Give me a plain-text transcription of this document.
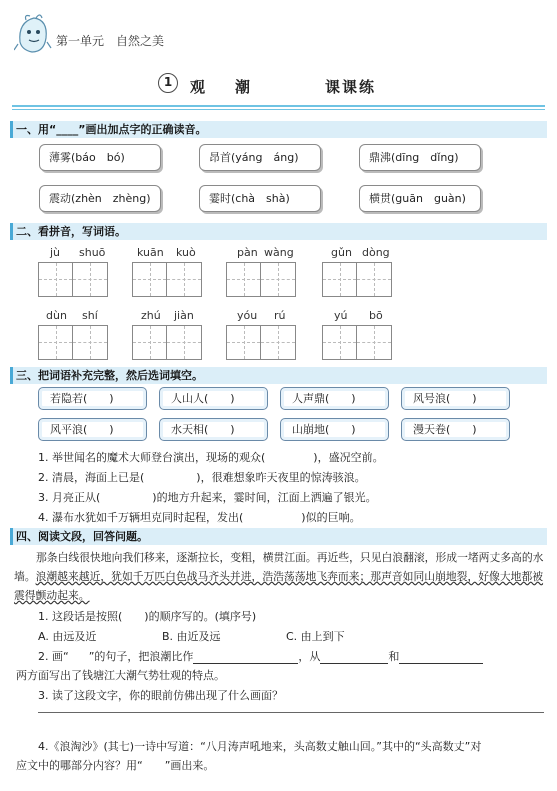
第一单元　自然之美
1	观　　潮	课课练
一、用“____”画出加点字的正确读音。
薄雾(báo　bó)	昂首(yáng　áng)	鼎沸(dīng　dǐng)
震动(zhèn　zhèng)	霎时(chà　shà)	横贯(guān　guàn)
二、看拼音，写词语。
jù shuō	kuān kuò	pàn wàng	gǔn dòng
dùn shí	zhú jiàn	yóu rú	yú bō
三、把词语补充完整，然后选词填空。
若隐若(　　)	人山人(　　)	人声鼎(　　)	风号浪(　　)
风平浪(　　)	水天相(　　)	山崩地(　　)	漫天卷(　　)
1. 举世闻名的魔术大师登台演出，现场的观众(	)，盛况空前。
2. 清晨，海面上已是(	)，很难想象昨天夜里的惊涛骇浪。
3. 月亮正从(	)的地方升起来，霎时间，江面上洒遍了银光。
4. 瀑布水犹如千万辆坦克同时起程，发出(	)似的巨响。
四、阅读文段，回答问题。
那条白线很快地向我们移来，逐渐拉长，变粗，横贯江面。再近些，只见白浪翻滚，形成一堵两丈多高的水墙。浪潮越来越近，犹如千万匹白色战马齐头并进，浩浩荡荡地飞奔而来；那声音如同山崩地裂，好像大地都被震得颤动起来。
1. 这段话是按照(　　)的顺序写的。(填序号)
A. 由远及近	B. 由近及远	C. 由上到下
2. 画“ ”的句子，把浪潮比作	，从	和
两方面写出了钱塘江大潮气势壮观的特点。
3. 读了这段文字，你的眼前仿佛出现了什么画面？
4.《浪淘沙》(其七)一诗中写道：“八月涛声吼地来，头高数丈触山回。”其中的“头高数丈”对
应文中的哪部分内容？用“ ”画出来。
